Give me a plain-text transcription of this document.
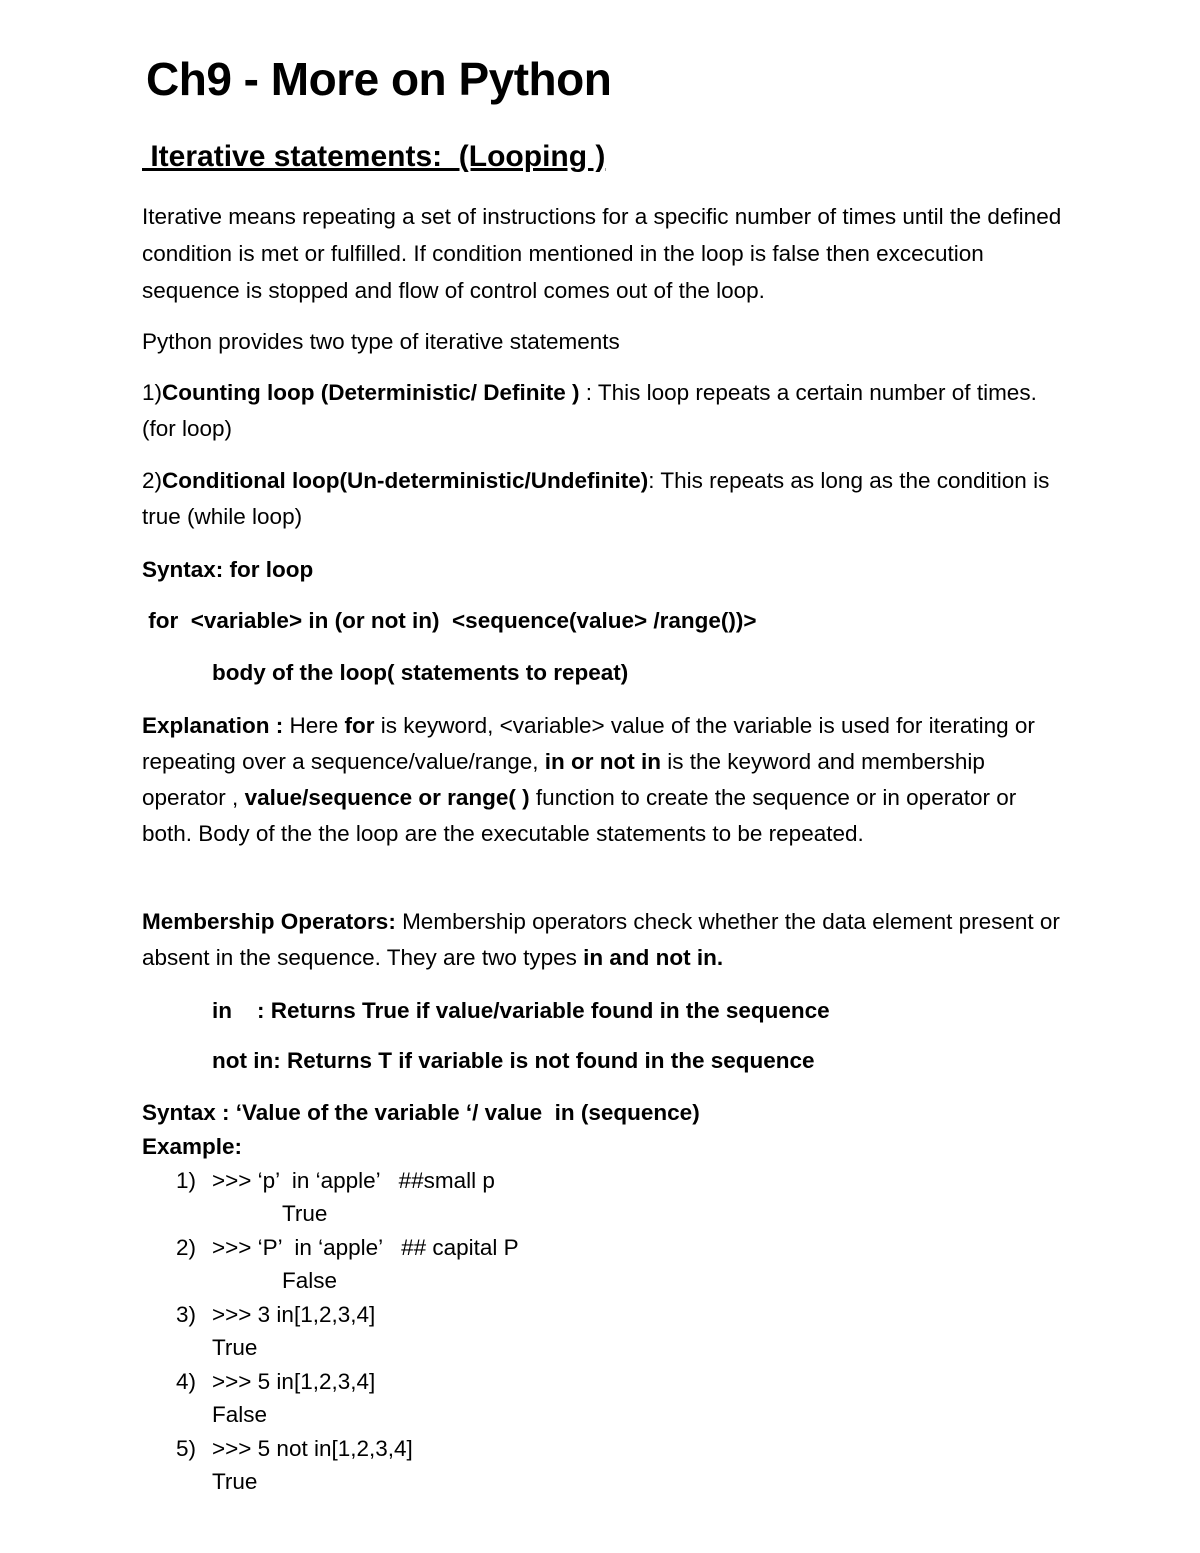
Ch9 - More on Python
Iterative statements:  (Looping )

Iterative means repeating a set of instructions for a specific number of times until the defined condition is met or fulfilled. If condition mentioned in the loop is false then excecution sequence is stopped and flow of control comes out of the loop.

Python provides two type of iterative statements

1)Counting loop (Deterministic/ Definite ) : This loop repeats a certain number of times. (for loop)

2)Conditional loop(Un-deterministic/Undefinite): This repeats as long as the condition is true (while loop)

Syntax: for loop

for  <variable> in (or not in)  <sequence(value> /range())>

body of the loop( statements to repeat)

Explanation : Here for is keyword, <variable> value of the variable is used for iterating or repeating over a sequence/value/range, in or not in is the keyword and membership operator , value/sequence or range( ) function to create the sequence or in operator or both. Body of the the loop are the executable statements to be repeated.

Membership Operators: Membership operators check whether the data element present or absent in the sequence. They are two types in and not in.

in    : Returns True if value/variable found in the sequence

not in: Returns T if variable is not found in the sequence

Syntax : ‘Value of the variable ‘/ value  in (sequence)

Example:

1) >>> ‘p’  in ‘apple’   ##small p
True
2) >>> ‘P’  in ‘apple’   ## capital P
False
3) >>> 3 in[1,2,3,4]
True
4) >>> 5 in[1,2,3,4]
False
5) >>> 5 not in[1,2,3,4]
True
